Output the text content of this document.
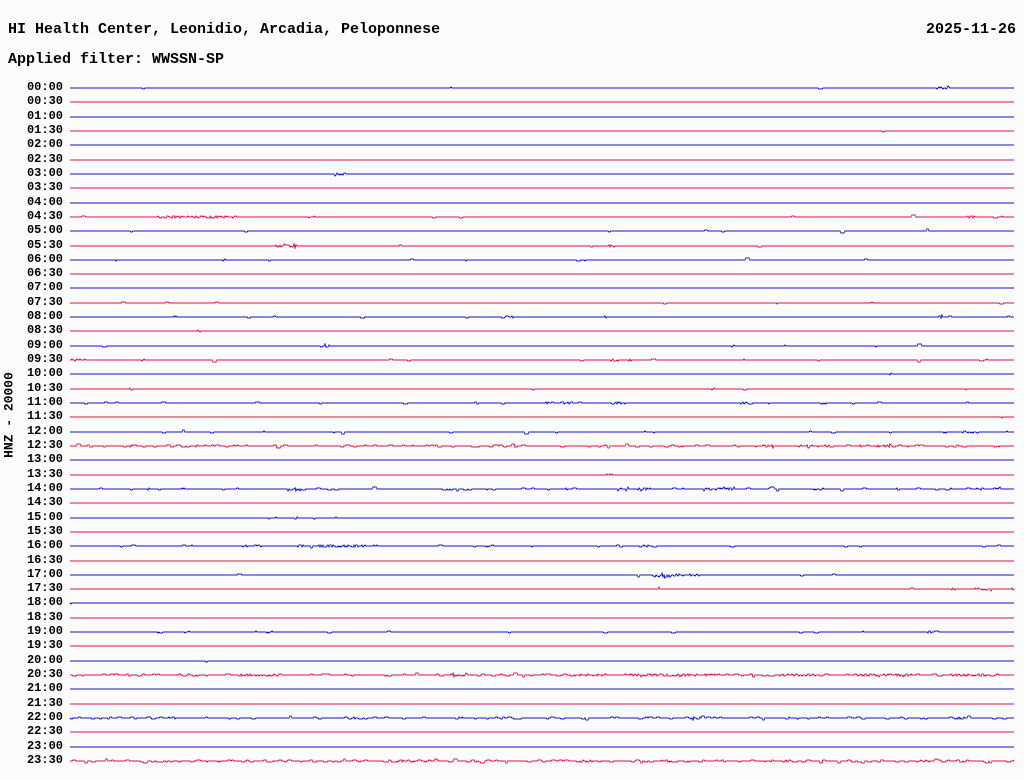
HI Health Center, Leonidio, Arcadia, Peloponnese	2025-11-26
Applied filter: WWSSN-SP
HNZ - 20000
00:00
00:30
01:00
01:30
02:00
02:30
03:00
03:30
04:00
04:30
05:00
05:30
06:00
06:30
07:00
07:30
08:00
08:30
09:00
09:30
10:00
10:30
11:00
11:30
12:00
12:30
13:00
13:30
14:00
14:30
15:00
15:30
16:00
16:30
17:00
17:30
18:00
18:30
19:00
19:30
20:00
20:30
21:00
21:30
22:00
22:30
23:00
23:30
